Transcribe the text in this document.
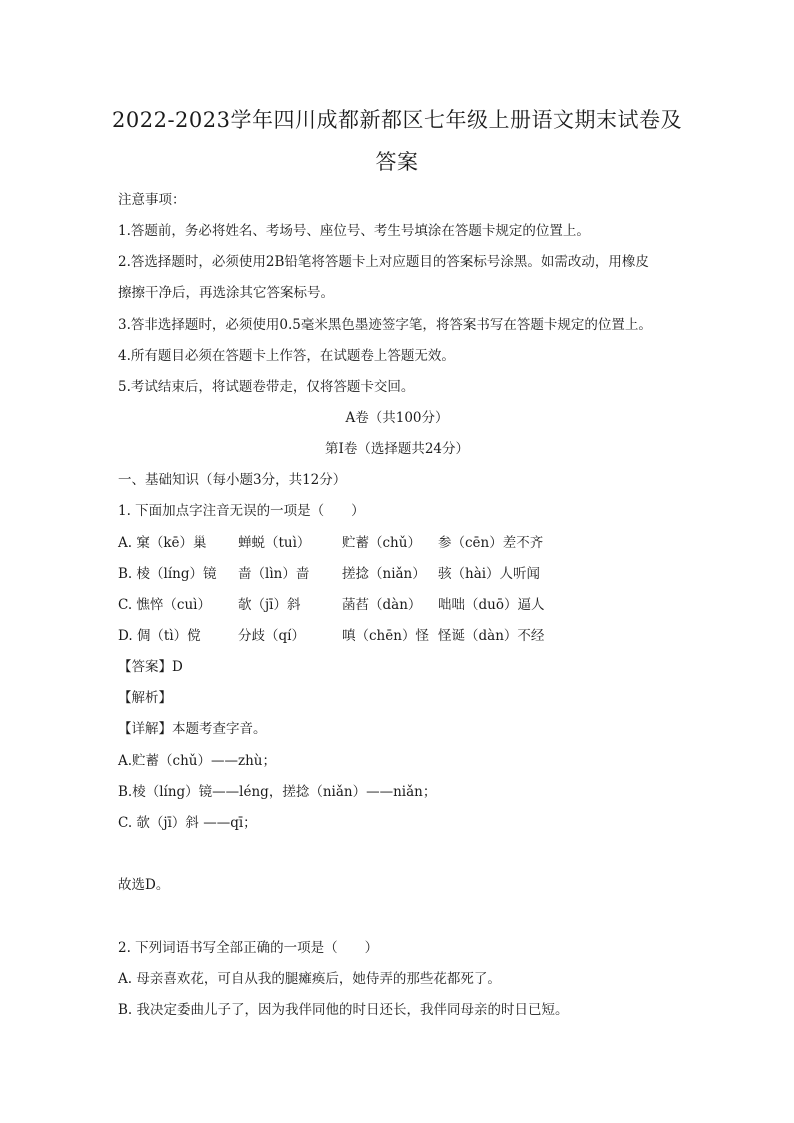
2022-2023学年四川成都新都区七年级上册语文期末试卷及
答案
注意事项：
1.答题前，务必将姓名、考场号、座位号、考生号填涂在答题卡规定的位置上。
2.答选择题时，必须使用2B铅笔将答题卡上对应题目的答案标号涂黑。如需改动，用橡皮
擦擦干净后，再选涂其它答案标号。
3.答非选择题时，必须使用0.5毫米黑色墨迹签字笔，将答案书写在答题卡规定的位置上。
4.所有题目必须在答题卡上作答，在试题卷上答题无效。
5.考试结束后，将试题卷带走，仅将答题卡交回。
A卷（共100分）
第Ⅰ卷（选择题共24分）
一、基础知识（每小题3分，共12分）
1. 下面加点字注音无误的一项是（　　）
A. 窠（kē）巢 蝉蜕（tuì） 贮蓄（chǔ） 参（cēn）差不齐
B. 棱（líng）镜 啬（lìn）啬 搓捻（niǎn） 骇（hài）人听闻
C. 憔悴（cuì） 欹（jī）斜	菡萏（dàn） 咄咄（duō）逼人
D. 倜（tì）傥	分歧（qí）	嗔（chēn）怪 怪诞（dàn）不经
【答案】D
【解析】
【详解】本题考查字音。
A.贮蓄（chǔ）——zhù；
B.棱（líng）镜——léng，搓捻（niǎn）——niǎn；
C. 欹（jī）斜 ——qī；
故选D。
2. 下列词语书写全部正确的一项是（　　）
A. 母亲喜欢花，可自从我的腿瘫痪后，她侍弄的那些花都死了。
B. 我决定委曲儿子了，因为我伴同他的时日还长，我伴同母亲的时日已短。
